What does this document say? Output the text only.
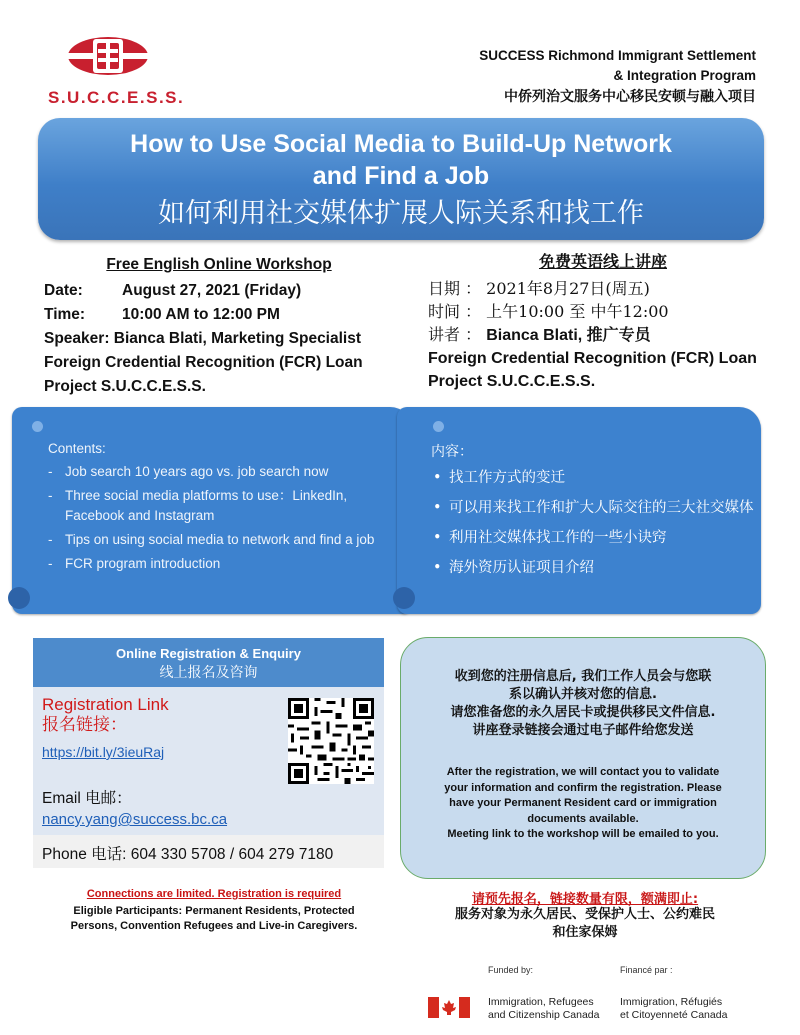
S.U.C.C.E.S.S.
SUCCESS Richmond Immigrant Settlement
& Integration Program
中侨列治文服务中心移民安顿与融入项目
How to Use Social Media to Build-Up Network
and Find a Job
如何利用社交媒体扩展人际关系和找工作
Free English Online Workshop
Date:	August 27, 2021 (Friday)
Time: 10:00 AM to 12:00 PM
Speaker: Bianca Blati, Marketing Specialist
Foreign Credential Recognition (FCR) Loan
Project S.U.C.C.E.S.S.
免费英语线上讲座
日期 ： 2021年8月27日(周五)
时间 ： 上午10:00 至 中午12:00
讲者 ： Bianca Blati, 推广专员
Foreign Credential Recognition (FCR) Loan
Project S.U.C.C.E.S.S.
Contents:
- Job search 10 years ago vs. job search now
- Three social media platforms to use：LinkedIn, Facebook and Instagram
- Tips on using social media to network and find a job
- FCR program introduction
内容：
• 找工作方式的变迁
• 可以用来找工作和扩大人际交往的三大社交媒体
• 利用社交媒体找工作的一些小诀窍
• 海外资历认证项目介绍
Online Registration & Enquiry
线上报名及咨询
Registration Link
报名链接：
https://bit.ly/3ieuRaj
Email 电邮：
nancy.yang@success.bc.ca
Phone 电话: 604 330 5708 / 604 279 7180
Connections are limited. Registration is required
Eligible Participants: Permanent Residents, Protected
Persons, Convention Refugees and Live-in Caregivers.
收到您的注册信息后, 我们工作人员会与您联
系以确认并核对您的信息.
请您准备您的永久居民卡或提供移民文件信息.
讲座登录链接会通过电子邮件给您发送
After the registration, we will contact you to validate
your information and confirm the registration. Please
have your Permanent Resident card or immigration
documents available.
Meeting link to the workshop will be emailed to you.
请预先报名，链接数量有限，额满即止:
服务对象为永久居民、受保护人士、公约难民
和住家保姆
Funded by:	Financé par :
Immigration, Refugees
and Citizenship Canada
Immigration, Réfugiés
et Citoyenneté Canada
